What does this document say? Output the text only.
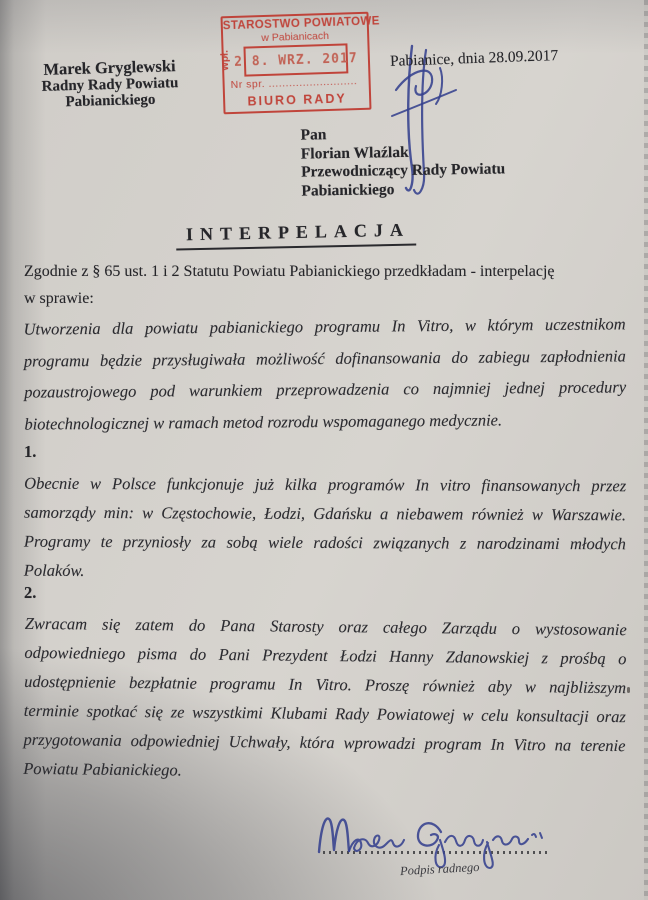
Marek Gryglewski
Radny Rady Powiatu
Pabianickiego
STAROSTWO POWIATOWE
w Pabianicach
wpł. 2 8. WRZ. 2017
Nr spr. ..........................
BIURO RADY
Pabianice, dnia 28.09.2017
Pan
Florian Wlaźlak
Przewodniczący Rady Powiatu
Pabianickiego
INTERPELACJA
Zgodnie z § 65 ust. 1 i 2 Statutu Powiatu Pabianickiego przedkładam - interpelację
w sprawie:
Utworzenia dla powiatu pabianickiego programu In Vitro, w którym uczestnikom
programu będzie przysługiwała możliwość dofinansowania do zabiegu zapłodnienia
pozaustrojowego pod warunkiem przeprowadzenia co najmniej jednej procedury
biotechnologicznej w ramach metod rozrodu wspomaganego medycznie.
1.
Obecnie w Polsce funkcjonuje już kilka programów In vitro finansowanych przez
samorządy min: w Częstochowie, Łodzi, Gdańsku a niebawem również w Warszawie.
Programy te przyniosły za sobą wiele radości związanych z narodzinami młodych
Polaków.
2.
Zwracam się zatem do Pana Starosty oraz całego Zarządu o wystosowanie
odpowiedniego pisma do Pani Prezydent Łodzi Hanny Zdanowskiej z prośbą o
udostępnienie bezpłatnie programu In Vitro. Proszę również aby w najbliższym
terminie spotkać się ze wszystkimi Klubami Rady Powiatowej w celu konsultacji oraz
przygotowania odpowiedniej Uchwały, która wprowadzi program In Vitro na terenie
Powiatu Pabianickiego.
Podpis radnego
